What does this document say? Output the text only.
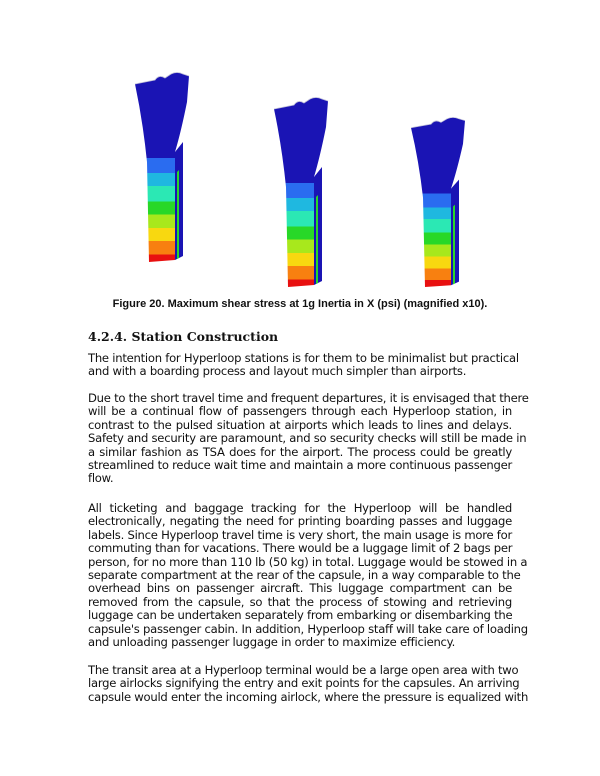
Figure 20. Maximum shear stress at 1g Inertia in X (psi) (magnified x10).
4.2.4. Station Construction
The intention for Hyperloop stations is for them to be minimalist but practical
and with a boarding process and layout much simpler than airports.
Due to the short travel time and frequent departures, it is envisaged that there
will be a continual flow of passengers through each Hyperloop station, in
contrast to the pulsed situation at airports which leads to lines and delays.
Safety and security are paramount, and so security checks will still be made in
a similar fashion as TSA does for the airport. The process could be greatly
streamlined to reduce wait time and maintain a more continuous passenger
flow.
All ticketing and baggage tracking for the Hyperloop will be handled
electronically, negating the need for printing boarding passes and luggage
labels. Since Hyperloop travel time is very short, the main usage is more for
commuting than for vacations. There would be a luggage limit of 2 bags per
person, for no more than 110 lb (50 kg) in total. Luggage would be stowed in a
separate compartment at the rear of the capsule, in a way comparable to the
overhead bins on passenger aircraft. This luggage compartment can be
removed from the capsule, so that the process of stowing and retrieving
luggage can be undertaken separately from embarking or disembarking the
capsule's passenger cabin. In addition, Hyperloop staff will take care of loading
and unloading passenger luggage in order to maximize efficiency.
The transit area at a Hyperloop terminal would be a large open area with two
large airlocks signifying the entry and exit points for the capsules. An arriving
capsule would enter the incoming airlock, where the pressure is equalized with
